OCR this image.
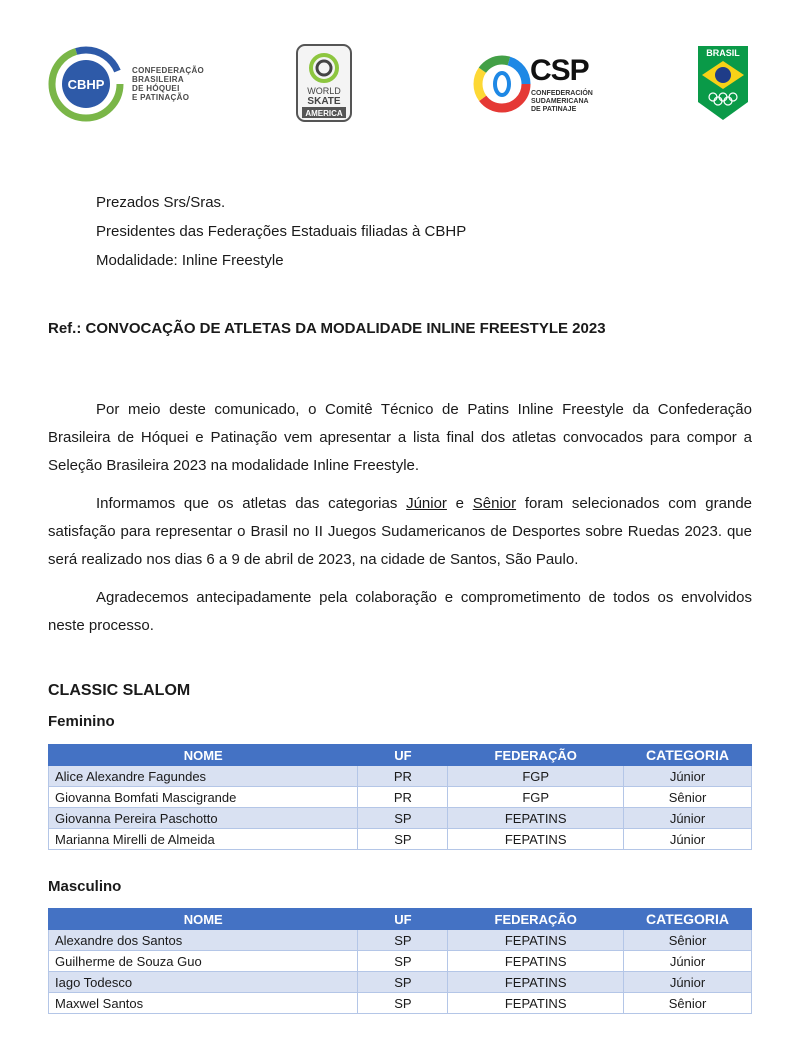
CBHP
CONFEDERAÇÃO
BRASILEIRA
DE HÓQUEI
E PATINAÇÃO
WORLD
SKATE
AMERICA
CSP
CONFEDERACIÓN
SUDAMERICANA
DE PATINAJE
BRASIL
Prezados Srs/Sras.
Presidentes das Federações Estaduais filiadas à CBHP
Modalidade: Inline Freestyle
Ref.: CONVOCAÇÃO DE ATLETAS DA MODALIDADE INLINE FREESTYLE 2023

Por meio deste comunicado, o Comitê Técnico de Patins Inline Freestyle da Confederação Brasileira de Hóquei e Patinação vem apresentar a lista final dos atletas convocados para compor a Seleção Brasileira 2023 na modalidade Inline Freestyle.

Informamos que os atletas das categorias Júnior e Sênior foram selecionados com grande satisfação para representar o Brasil no II Juegos Sudamericanos de Desportes sobre Ruedas 2023. que será realizado nos dias 6 a 9 de abril de 2023, na cidade de Santos, São Paulo.

Agradecemos antecipadamente pela colaboração e comprometimento de todos os envolvidos neste processo.

CLASSIC SLALOM
Feminino
NOME	UF	FEDERAÇÃO	CATEGORIA
Alice Alexandre Fagundes	PR	FGP	Júnior
Giovanna Bomfati Mascigrande	PR	FGP	Sênior
Giovanna Pereira Paschotto	SP	FEPATINS	Júnior
Marianna Mirelli de Almeida	SP	FEPATINS	Júnior
Masculino
NOME	UF	FEDERAÇÃO	CATEGORIA
Alexandre dos Santos	SP	FEPATINS	Sênior
Guilherme de Souza Guo	SP	FEPATINS	Júnior
Iago Todesco	SP	FEPATINS	Júnior
Maxwel Santos	SP	FEPATINS	Sênior
